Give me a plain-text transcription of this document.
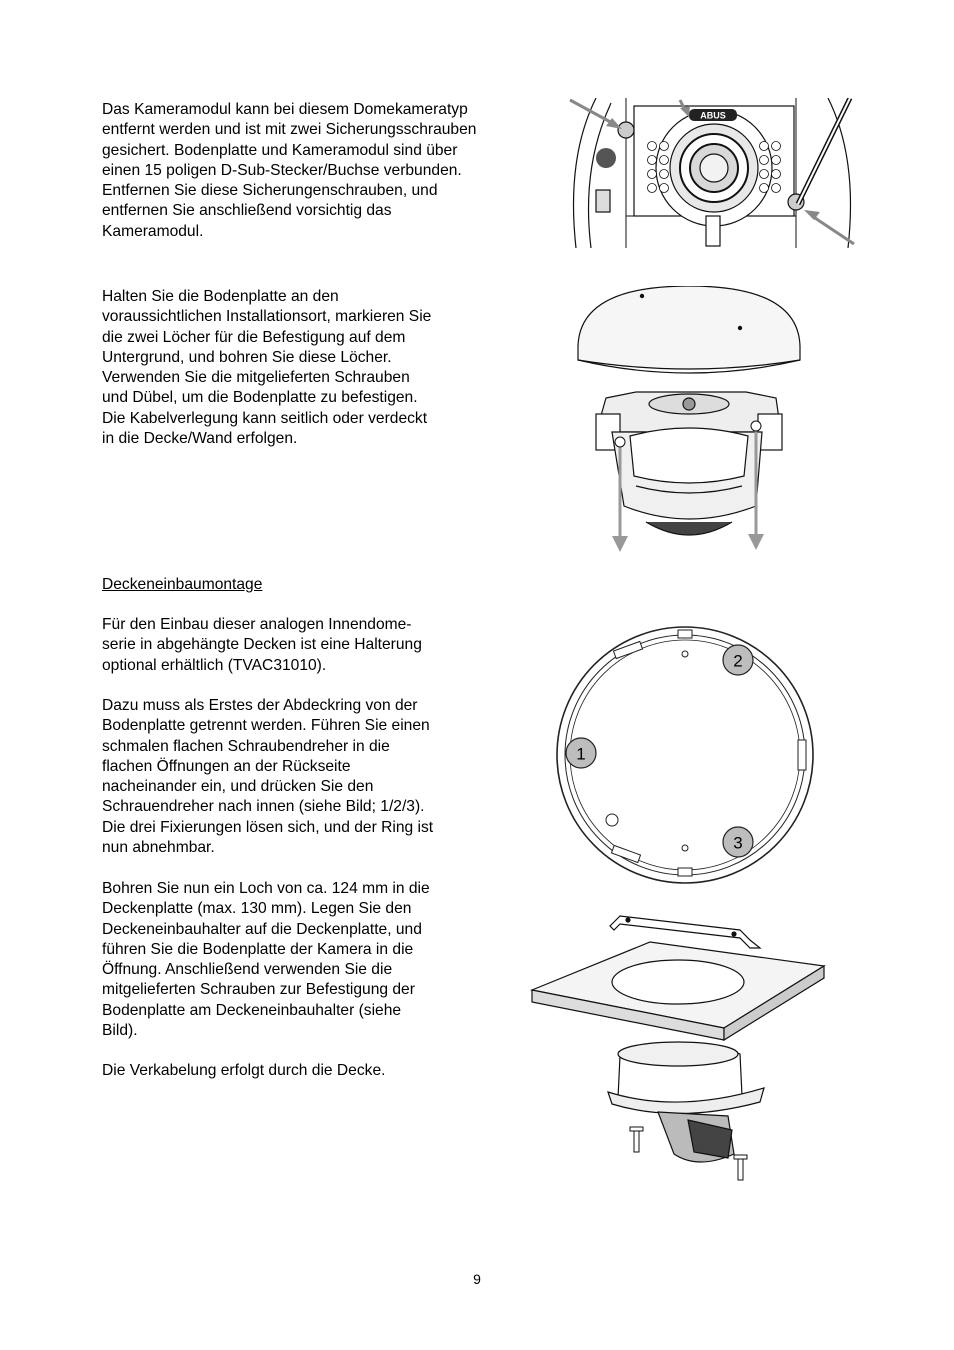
Das Kameramodul kann bei diesem Domekameratyp
entfernt werden und ist mit zwei Sicherungsschrauben
gesichert. Bodenplatte und Kameramodul sind über
einen 15 poligen D-Sub-Stecker/Buchse verbunden.
Entfernen Sie diese Sicherungenschrauben, und
entfernen Sie anschließend vorsichtig das
Kameramodul.

Halten Sie die Bodenplatte an den
voraussichtlichen Installationsort, markieren Sie
die zwei Löcher für die Befestigung auf dem
Untergrund, und bohren Sie diese Löcher.
Verwenden Sie die mitgelieferten Schrauben
und Dübel, um die Bodenplatte zu befestigen.
Die Kabelverlegung kann seitlich oder verdeckt
in die Decke/Wand erfolgen.

Deckeneinbaumontage

Für den Einbau dieser analogen Innendome-
serie in abgehängte Decken ist eine Halterung
optional erhältlich (TVAC31010).

Dazu muss als Erstes der Abdeckring von der
Bodenplatte getrennt werden. Führen Sie einen
schmalen flachen Schraubendreher in die
flachen Öffnungen an der Rückseite
nacheinander ein, und drücken Sie den
Schrauendreher nach innen (siehe Bild; 1/2/3).
Die drei Fixierungen lösen sich, und der Ring ist
nun abnehmbar.

Bohren Sie nun ein Loch von ca. 124 mm in die
Deckenplatte (max. 130 mm). Legen Sie den
Deckeneinbauhalter auf die Deckenplatte, und
führen Sie die Bodenplatte der Kamera in die
Öffnung. Anschließend verwenden Sie die
mitgelieferten Schrauben zur Befestigung der
Bodenplatte am Deckeneinbauhalter (siehe
Bild).

Die Verkabelung erfolgt durch die Decke.

ABUS
1
2
3
9
